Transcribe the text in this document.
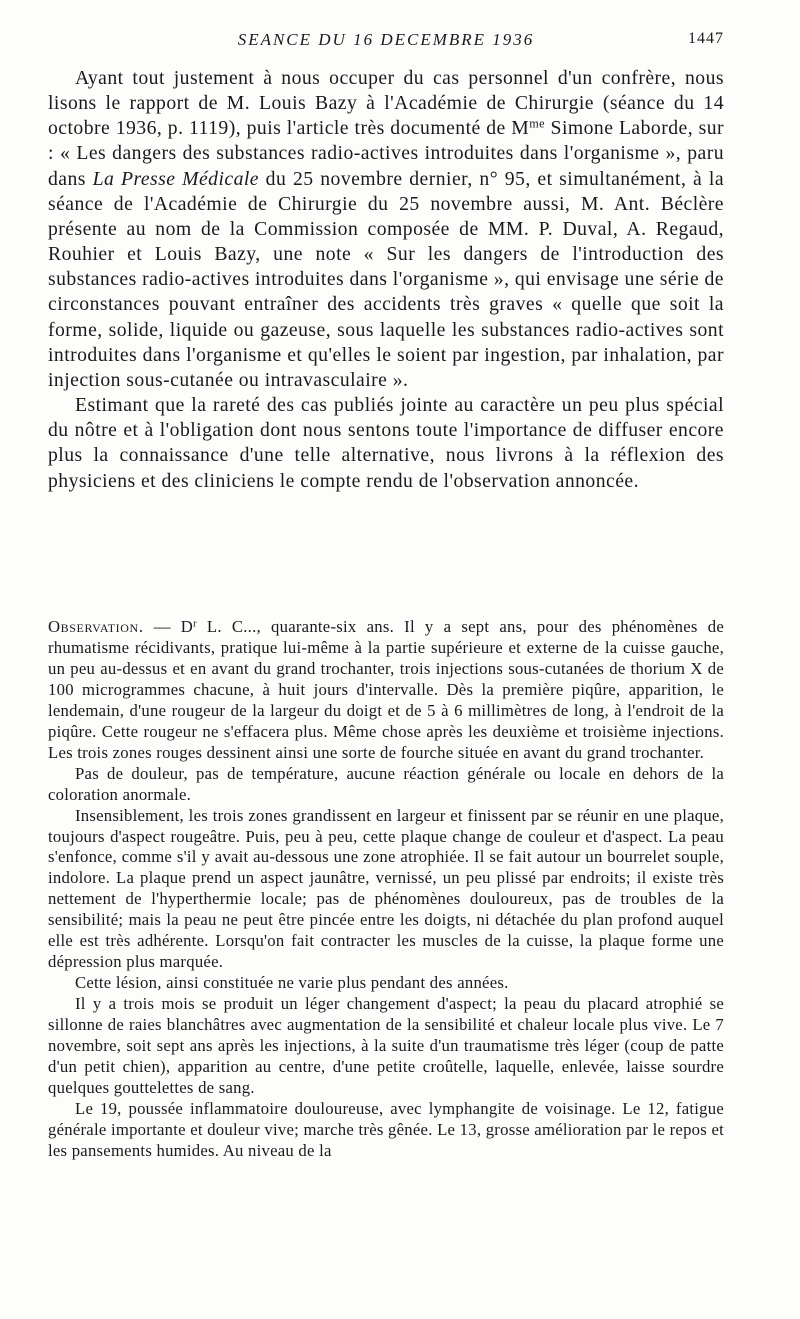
SEANCE DU 16 DECEMBRE 1936	1447

Ayant tout justement à nous occuper du cas personnel d'un confrère, nous lisons le rapport de M. Louis Bazy à l'Académie de Chirurgie (séance du 14 octobre 1936, p. 1119), puis l'article très documenté de $M^{me}$ Simone Laborde, sur : « Les dangers des substances radio-actives introduites dans l'organisme », paru dans La Presse Médicale du 25 novembre dernier, n° 95, et simultanément, à la séance de l'Académie de Chirurgie du 25 novembre aussi, M. Ant. Béclère présente au nom de la Commission composée de MM. P. Duval, A. Regaud, Rouhier et Louis Bazy, une note « Sur les dangers de l'introduction des substances radio-actives introduites dans l'organisme », qui envisage une série de circonstances pouvant entraîner des accidents très graves « quelle que soit la forme, solide, liquide ou gazeuse, sous laquelle les substances radio-actives sont introduites dans l'organisme et qu'elles le soient par ingestion, par inhalation, par injection sous-cutanée ou intravasculaire ».

Estimant que la rareté des cas publiés jointe au caractère un peu plus spécial du nôtre et à l'obligation dont nous sentons toute l'importance de diffuser encore plus la connaissance d'une telle alternative, nous livrons à la réflexion des physiciens et des cliniciens le compte rendu de l'observation annoncée.

Observation. — $D^r$ L. C..., quarante-six ans. Il y a sept ans, pour des phénomènes de rhumatisme récidivants, pratique lui-même à la partie supérieure et externe de la cuisse gauche, un peu au-dessus et en avant du grand trochanter, trois injections sous-cutanées de thorium X de 100 microgrammes chacune, à huit jours d'intervalle. Dès la première piqûre, apparition, le lendemain, d'une rougeur de la largeur du doigt et de 5 à 6 millimètres de long, à l'endroit de la piqûre. Cette rougeur ne s'effacera plus. Même chose après les deuxième et troisième injections. Les trois zones rouges dessinent ainsi une sorte de fourche située en avant du grand trochanter.

Pas de douleur, pas de température, aucune réaction générale ou locale en dehors de la coloration anormale.

Insensiblement, les trois zones grandissent en largeur et finissent par se réunir en une plaque, toujours d'aspect rougeâtre. Puis, peu à peu, cette plaque change de couleur et d'aspect. La peau s'enfonce, comme s'il y avait au-dessous une zone atrophiée. Il se fait autour un bourrelet souple, indolore. La plaque prend un aspect jaunâtre, vernissé, un peu plissé par endroits; il existe très nettement de l'hyperthermie locale; pas de phénomènes douloureux, pas de troubles de la sensibilité; mais la peau ne peut être pincée entre les doigts, ni détachée du plan profond auquel elle est très adhérente. Lorsqu'on fait contracter les muscles de la cuisse, la plaque forme une dépression plus marquée.

Cette lésion, ainsi constituée ne varie plus pendant des années.

Il y a trois mois se produit un léger changement d'aspect; la peau du placard atrophié se sillonne de raies blanchâtres avec augmentation de la sensibilité et chaleur locale plus vive. Le 7 novembre, soit sept ans après les injections, à la suite d'un traumatisme très léger (coup de patte d'un petit chien), apparition au centre, d'une petite croûtelle, laquelle, enlevée, laisse sourdre quelques gouttelettes de sang.

Le 19, poussée inflammatoire douloureuse, avec lymphangite de voisinage. Le 12, fatigue générale importante et douleur vive; marche très gênée. Le 13, grosse amélioration par le repos et les pansements humides. Au niveau de la
